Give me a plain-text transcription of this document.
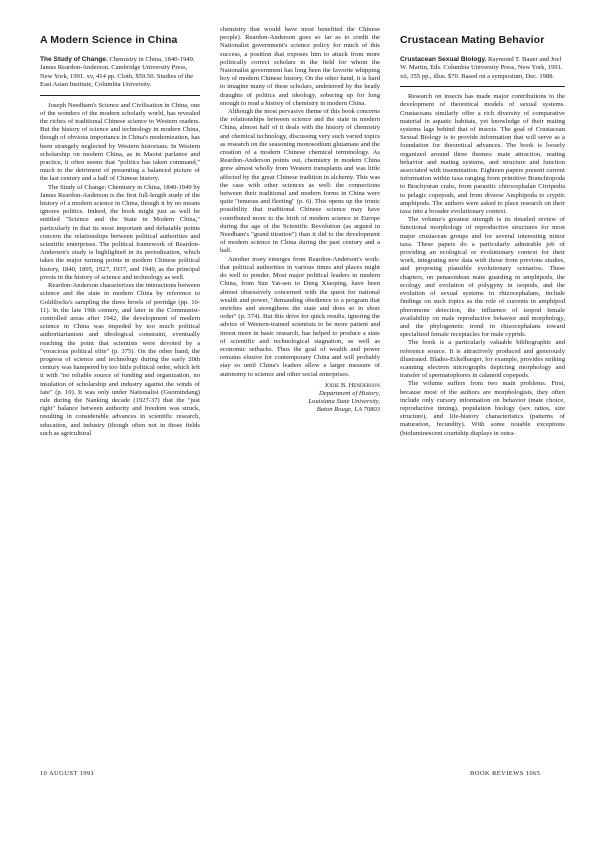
A Modern Science in China

The Study of Change. Chemistry in China, 1840-1949. James Reardon-Anderson. Cambridge University Press, New York, 1991. xv, 414 pp. Cloth, $59.50. Studies of the East Asian Institute, Columbia University.

Joseph Needham's Science and Civilisation in China, one of the wonders of the modern scholarly world, has revealed the riches of traditional Chinese science to Western readers. But the history of science and technology in modern China, though of obvious importance in China's modernization, has been strangely neglected by Western historians. In Western scholarship on modern China, as in Maoist parlance and practice, it often seems that "politics has taken command," much to the detriment of presenting a balanced picture of the last century and a half of Chinese history.

The Study of Change: Chemistry in China, 1840-1949 by James Reardon-Anderson is the first full-length study of the history of a modern science in China, though it by no means ignores politics. Indeed, the book might just as well be entitled "Science and the State in Modern China," particularly in that its most important and debatable points concern the relationships between political authorities and scientific enterprises. The political framework of Reardon-Anderson's study is highlighted in its periodization, which takes the major turning points in modern Chinese political history, 1840, 1895, 1927, 1937, and 1949, as the principal pivots in the history of science and technology as well.

Reardon-Anderson characterizes the interactions between science and the state in modern China by reference to Goldilocks's sampling the three bowls of porridge (pp. 10-11). In the late 19th century, and later in the Communist-controlled areas after 1942, the development of modern science in China was impeded by too much political authoritarianism and ideological constraint, eventually reaching the point that scientists were devoted by a "voracious political elite" (p. 375). On the other hand, the progress of science and technology during the early 20th century was hampered by too little political order, which left it with "no reliable source of funding and organization, no insulation of scholarship and industry against the winds of fate" (p. 10). It was only under Nationalist (Guomindang) rule during the Nanking decade (1927-37) that the "just right" balance between authority and freedom was struck, resulting in considerable advances in scientific research, education, and industry (though often not in those fields such as agricultural

chemistry that would have most benefited the Chinese people). Reardon-Anderson goes so far as to credit the Nationalist government's science policy for much of this success, a position that exposes him to attack from more politically correct scholars in the field for whom the Nationalist government has long been the favorite whipping boy of modern Chinese history. On the other hand, it is hard to imagine many of these scholars, undeterred by the heady draughts of politics and ideology, sobering up for long enough to read a history of chemistry in modern China.

Although the most pervasive theme of this book concerns the relationships between science and the state in modern China, almost half of it deals with the history of chemistry and chemical technology, discussing very such varied topics as research on the seasoning monosodium glutamate and the creation of a modern Chinese chemical terminology. As Reardon-Anderson points out, chemistry in modern China grew almost wholly from Western transplants and was little affected by the great Chinese tradition in alchemy. This was the case with other sciences as well: the connections between their traditional and modern forms in China were quite "tenuous and fleeting" (p. 6). This opens up the ironic possibility that traditional Chinese science may have contributed more to the birth of modern science in Europe during the age of the Scientific Revolution (as argued in Needham's "grand titration") than it did to the development of modern science in China during the past century and a half.

Another irony emerges from Reardon-Anderson's work: that political authorities in various times and places might do well to ponder. Most major political leaders in modern China, from Sun Yat-sen to Deng Xiaoping, have been almost obsessively concerned with the quest for national wealth and power, "demanding obedience to a program that enriches and strengthens the state and does so in short order" (p. 374). But this drive for quick results, ignoring the advice of Western-trained scientists to be more patient and invest more in basic research, has helped to produce a state of scientific and technological stagnation, as well as economic setbacks. Thus the goal of wealth and power remains elusive for contemporary China and will probably stay so until China's leaders allow a larger measure of autonomy to science and other social enterprises.

Jodie B. Henderson
Department of History,
Louisiana State University,
Baton Rouge, LA 70803
Crustacean Mating Behavior

Crustacean Sexual Biology. Raymond T. Bauer and Joel W. Martin, Eds. Columbia University Press, New York, 1991. xii, 355 pp., illus. $70. Based on a symposium, Dec. 1988.

Research on insects has made major contributions to the development of theoretical models of sexual systems. Crustaceans similarly offer a rich diversity of comparative material in aquatic habitats, yet knowledge of their mating systems lags behind that of insects. The goal of Crustacean Sexual Biology is to provide information that will serve as a foundation for theoretical advances. The book is loosely organized around three themes: mate attraction, mating behavior and mating systems, and structure and function associated with insemination. Eighteen papers present current information within taxa ranging from primitive Branchiopoda to Brachyuran crabs, from parasitic chirocephalan Cirripedia to pelagic copepods, and from diverse Amphipoda to cryptic amphipods. The authors were asked to place research on their taxa into a broader evolutionary context.

The volume's greatest strength is its detailed review of functional morphology of reproductive structures for most major crustacean groups and for several interesting minor taxa. These papers do a particularly admirable job of providing an ecological or evolutionary context for their work, integrating new data with those from previous studies, and proposing plausible evolutionary scenarios. These chapters, on penaeoidean mate guarding in amphipods, the ecology and evolution of polygyny in isopods, and the evolution of sexual systems in rhizocephalans, include findings on such topics as the role of currents in amphipod pheromone detection, the influence of isopod female availability on male reproductive behavior and morphology, and the phylogenetic trend in rhizocephalans toward specialized female receptacles for male cyprids.

The book is a particularly valuable bibliographic and reference source. It is attractively produced and generously illustrated. Blades-Eckelbarger, for example, provides striking scanning electron micrographs depicting morphology and transfer of spermatophores in calanoid copepods.

The volume suffers from two main problems. First, because most of the authors are morphologists, they often include only cursory information on behavior (mate choice, reproductive timing), population biology (sex ratios, size structure), and life-history characteristics (patterns of maturation, fecundity). With some notable exceptions (bioluminescent courtship displays in ostra-

10 AUGUST 1991	BOOK REVIEWS 1065
